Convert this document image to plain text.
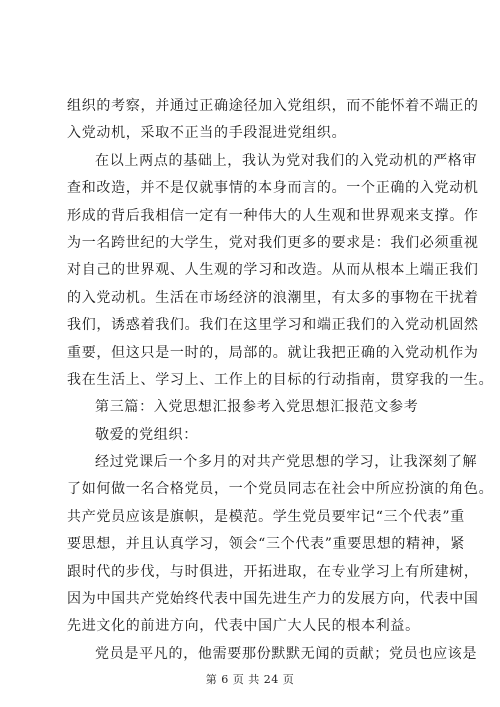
组织的考察，并通过正确途径加入党组织，而不能怀着不端正的
入党动机，采取不正当的手段混进党组织。
在以上两点的基础上，我认为党对我们的入党动机的严格审
查和改造，并不是仅就事情的本身而言的。一个正确的入党动机
形成的背后我相信一定有一种伟大的人生观和世界观来支撑。作
为一名跨世纪的大学生，党对我们更多的要求是：我们必须重视
对自己的世界观、人生观的学习和改造。从而从根本上端正我们
的入党动机。生活在市场经济的浪潮里，有太多的事物在干扰着
我们，诱惑着我们。我们在这里学习和端正我们的入党动机固然
重要，但这只是一时的，局部的。就让我把正确的入党动机作为
我在生活上、学习上、工作上的目标的行动指南，贯穿我的一生。
第三篇：入党思想汇报参考入党思想汇报范文参考
敬爱的党组织：
经过党课后一个多月的对共产党思想的学习，让我深刻了解
了如何做一名合格党员，一个党员同志在社会中所应扮演的角色。
共产党员应该是旗帜，是模范。学生党员要牢记“三个代表”重
要思想，并且认真学习，领会“三个代表”重要思想的精神，紧
跟时代的步伐，与时俱进，开拓进取，在专业学习上有所建树，
因为中国共产党始终代表中国先进生产力的发展方向，代表中国
先进文化的前进方向，代表中国广大人民的根本利益。
党员是平凡的，他需要那份默默无闻的贡献；党员也应该是
第 6 页 共 24 页
